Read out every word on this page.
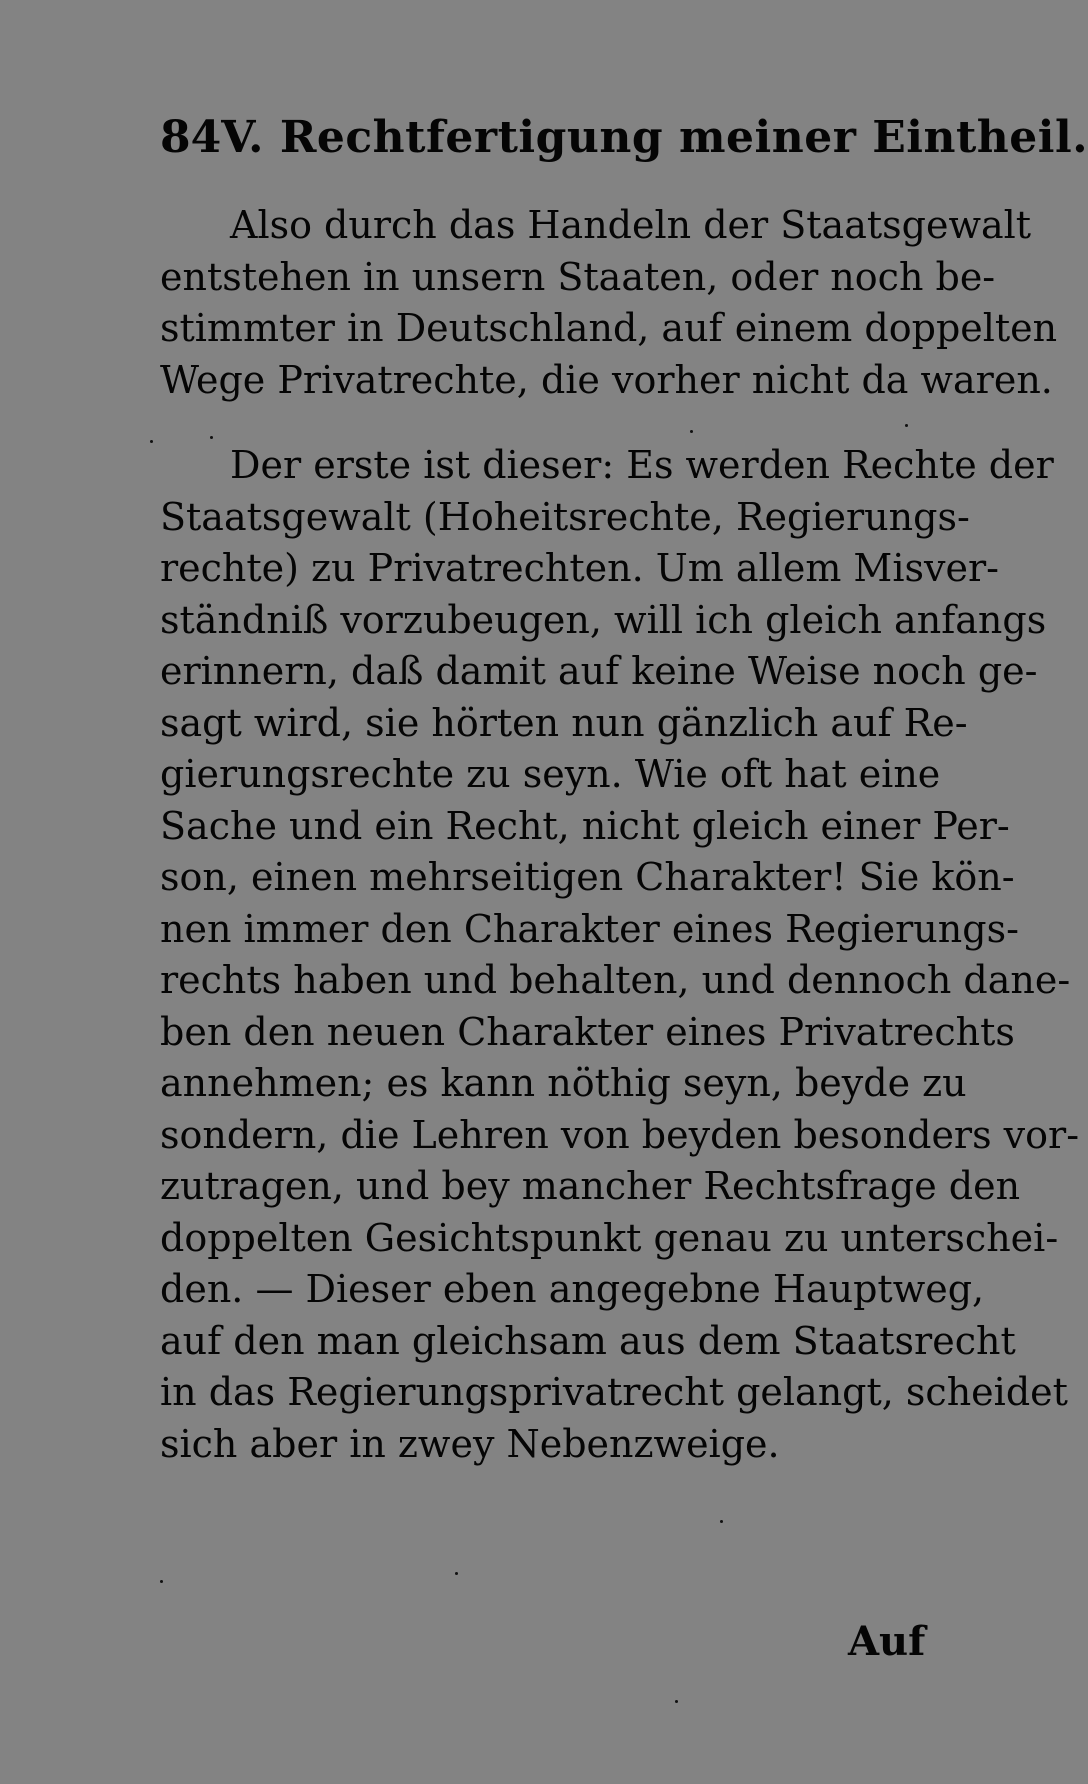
84 V. Rechtfertigung meiner Eintheil.
Also durch das Handeln der Staatsgewalt
entstehen in unsern Staaten, oder noch be-
stimmter in Deutschland, auf einem doppelten
Wege Privatrechte, die vorher nicht da waren.
Der erste ist dieser: Es werden Rechte der
Staatsgewalt (Hoheitsrechte, Regierungs-
rechte) zu Privatrechten. Um allem Misver-
ständniß vorzubeugen, will ich gleich anfangs
erinnern, daß damit auf keine Weise noch ge-
sagt wird, sie hörten nun gänzlich auf Re-
gierungsrechte zu seyn. Wie oft hat eine
Sache und ein Recht, nicht gleich einer Per-
son, einen mehrseitigen Charakter! Sie kön-
nen immer den Charakter eines Regierungs-
rechts haben und behalten, und dennoch dane-
ben den neuen Charakter eines Privatrechts
annehmen; es kann nöthig seyn, beyde zu
sondern, die Lehren von beyden besonders vor-
zutragen, und bey mancher Rechtsfrage den
doppelten Gesichtspunkt genau zu unterschei-
den. — Dieser eben angegebne Hauptweg,
auf den man gleichsam aus dem Staatsrecht
in das Regierungsprivatrecht gelangt, scheidet
sich aber in zwey Nebenzweige.
Auf
